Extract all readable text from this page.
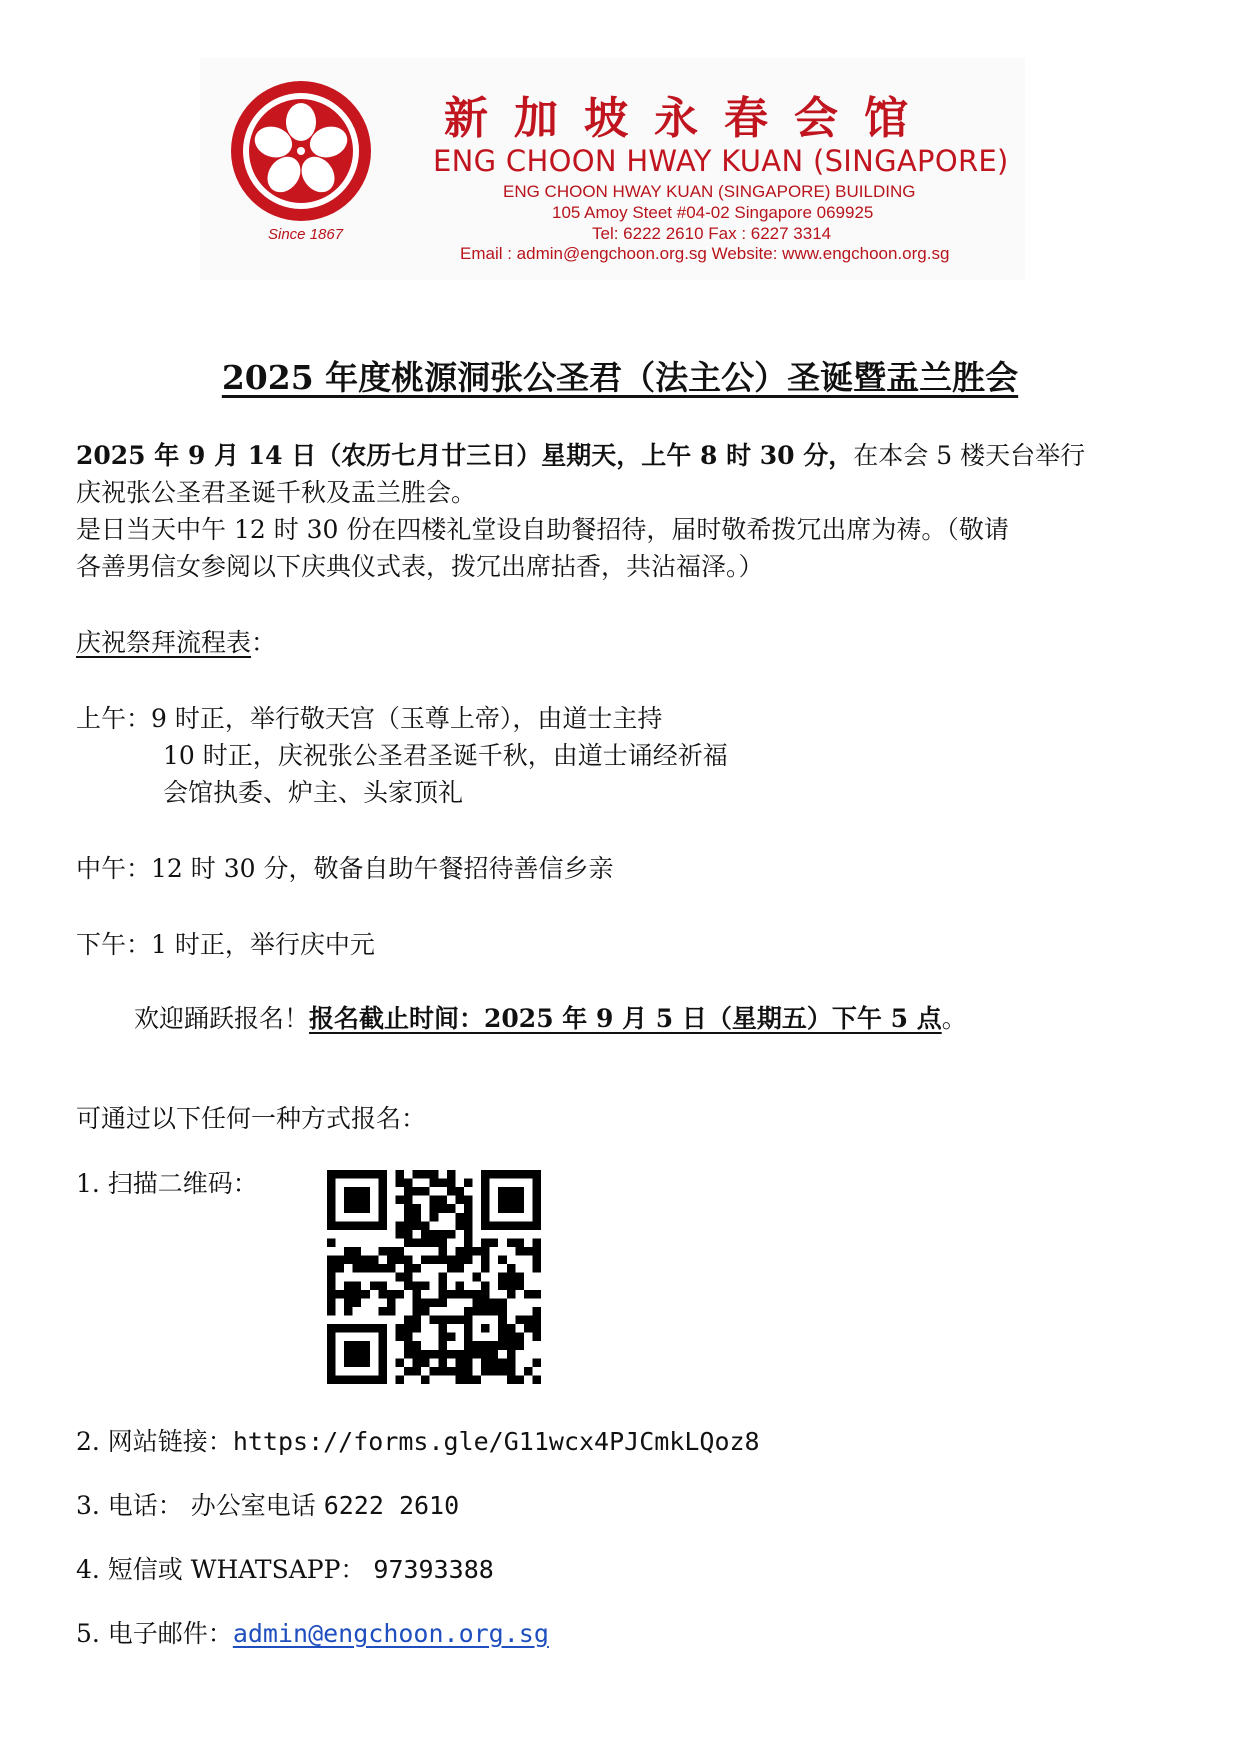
Since 1867
新加坡永春会馆
ENG CHOON HWAY KUAN (SINGAPORE)
ENG CHOON HWAY KUAN (SINGAPORE) BUILDING
105 Amoy Steet #04-02 Singapore 069925
Tel: 6222 2610 Fax : 6227 3314
Email : admin@engchoon.org.sg Website: www.engchoon.org.sg
2025 年度桃源洞张公圣君（法主公）圣诞暨盂兰胜会
2025 年 9 月 14 日（农历七月廿三日）星期天，上午 8 时 30 分，在本会 5 楼天台举行
庆祝张公圣君圣诞千秋及盂兰胜会。
是日当天中午 12 时 30 份在四楼礼堂设自助餐招待，届时敬希拨冗出席为祷。（敬请
各善男信女参阅以下庆典仪式表，拨冗出席拈香，共沾福泽。）
庆祝祭拜流程表：
上午：9 时正，举行敬天宫（玉尊上帝），由道士主持
10 时正，庆祝张公圣君圣诞千秋，由道士诵经祈福
会馆执委、炉主、头家顶礼
中午：12 时 30 分，敬备自助午餐招待善信乡亲
下午：1 时正，举行庆中元
欢迎踊跃报名！报名截止时间：2025 年 9 月 5 日（星期五）下午 5 点。
可通过以下任何一种方式报名：
1. 扫描二维码：
2. 网站链接：https://forms.gle/G11wcx4PJCmkLQoz8
3. 电话： 办公室电话 6222 2610
4. 短信或 WHATSAPP： 97393388
5. 电子邮件：admin@engchoon.org.sg
